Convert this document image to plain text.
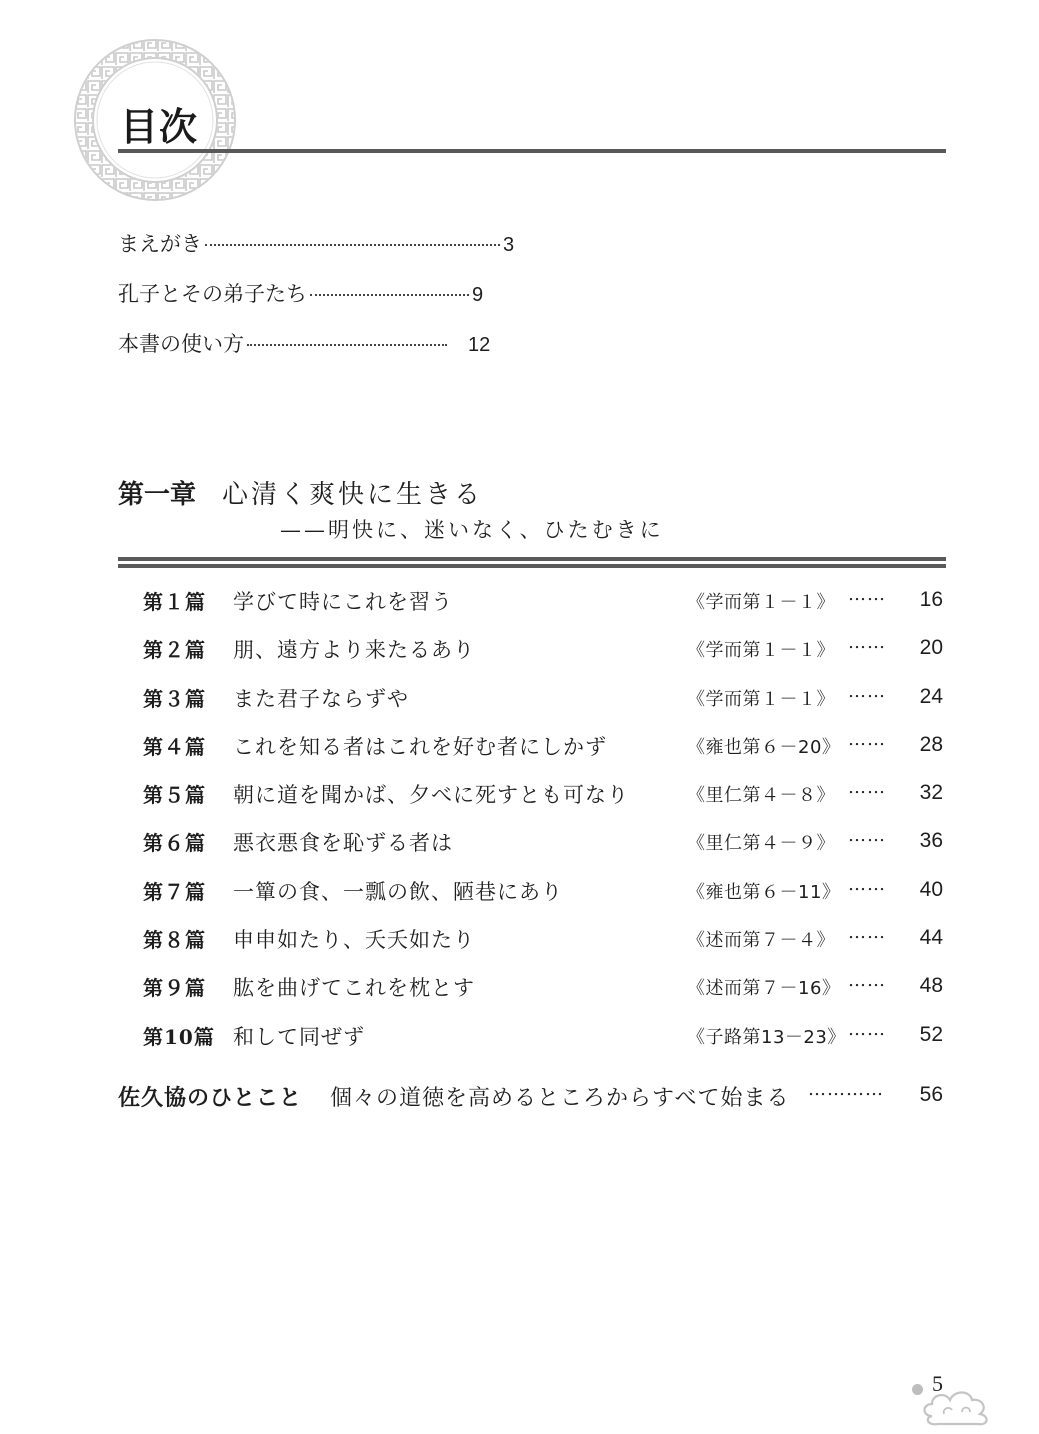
目次
まえがき	3
孔子とその弟子たち	9
本書の使い方	12
第一章 心清く爽快に生きる
——明快に、迷いなく、ひたむきに
第１篇 学びて時にこれを習う	《学而第１－１》 …… 16
第２篇 朋、遠方より来たるあり	《学而第１－１》 …… 20
第３篇 また君子ならずや	《学而第１－１》 …… 24
第４篇 これを知る者はこれを好む者にしかず	《雍也第６－20》 …… 28
第５篇 朝に道を聞かば、夕べに死すとも可なり	《里仁第４－８》 …… 32
第６篇 悪衣悪食を恥ずる者は	《里仁第４－９》 …… 36
第７篇 一簞の食、一瓢の飲、陋巷にあり	《雍也第６－11》 …… 40
第８篇 申申如たり、夭夭如たり	《述而第７－４》 …… 44
第９篇 肱を曲げてこれを枕とす	《述而第７－16》 …… 48
第10篇 和して同ぜず	《子路第13－23》 …… 52
佐久協のひとこと 個々の道徳を高めるところからすべて始まる ………… 56
5
